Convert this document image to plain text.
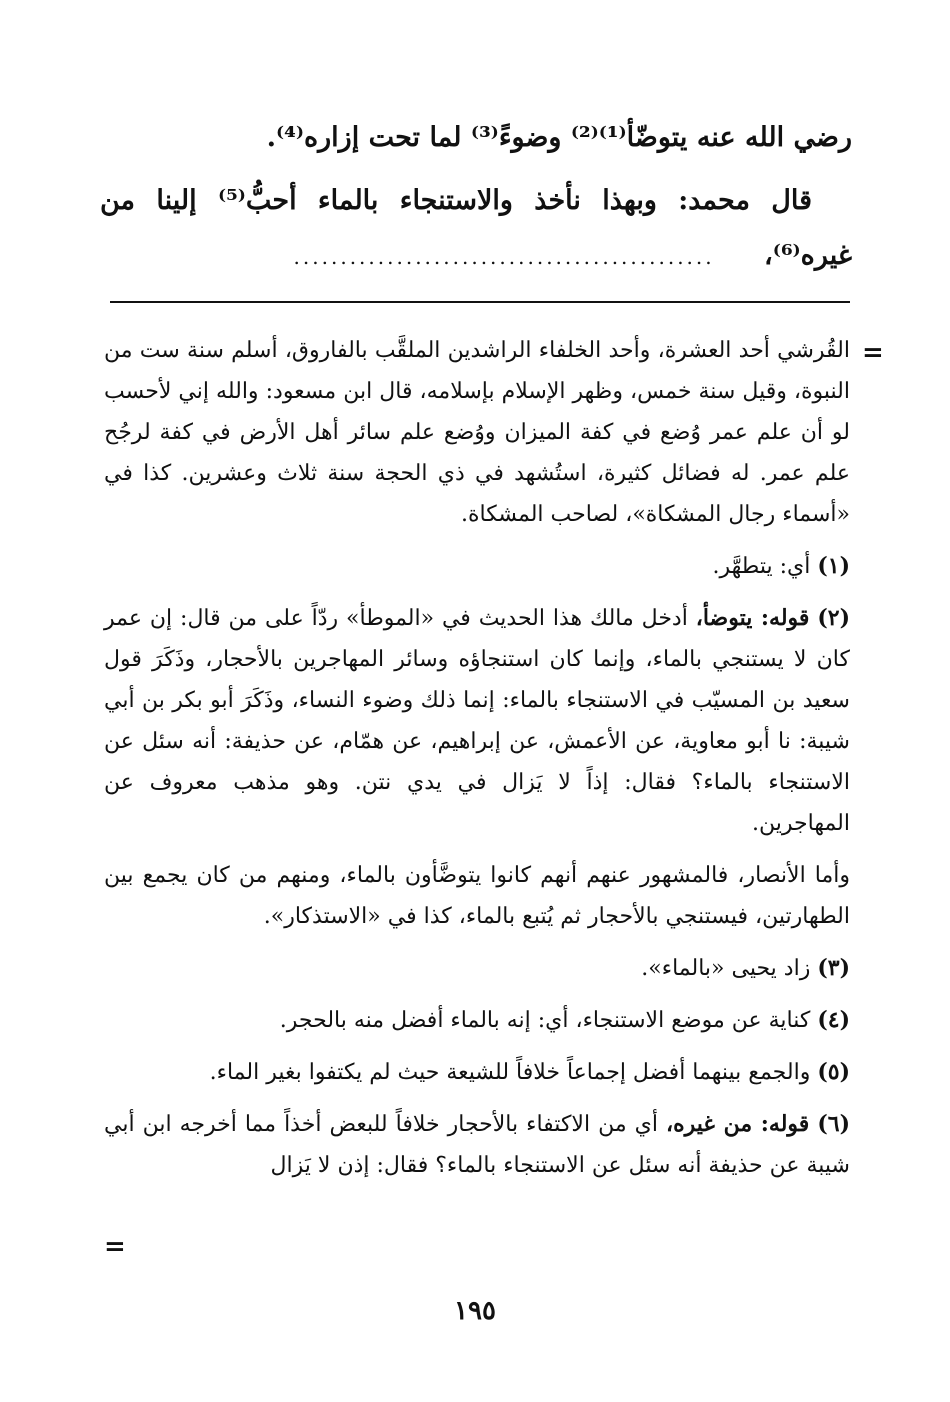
رضي الله عنه يتوضّأ⁽¹⁾⁽²⁾ وضوءً⁽³⁾ لما تحت إزاره⁽⁴⁾.

قال محمد: وبهذا نأخذ والاستنجاء بالماء أحبُّ⁽⁵⁾ إلينا من غيره⁽⁶⁾، .............................................

=

القُرشي أحد العشرة، وأحد الخلفاء الراشدين الملقَّب بالفاروق، أسلم سنة ست من النبوة، وقيل سنة خمس، وظهر الإسلام بإسلامه، قال ابن مسعود: والله إني لأحسب لو أن علم عمر وُضع في كفة الميزان ووُضع علم سائر أهل الأرض في كفة لرجُح علم عمر. له فضائل كثيرة، استُشهد في ذي الحجة سنة ثلاث وعشرين. كذا في «أسماء رجال المشكاة»، لصاحب المشكاة.

(١) أي: يتطهَّر.

(٢) قوله: يتوضأ، أدخل مالك هذا الحديث في «الموطأ» ردّاً على من قال: إن عمر كان لا يستنجي بالماء، وإنما كان استنجاؤه وسائر المهاجرين بالأحجار، وذَكَرَ قول سعيد بن المسيّب في الاستنجاء بالماء: إنما ذلك وضوء النساء، وذَكَرَ أبو بكر بن أبي شيبة: نا أبو معاوية، عن الأعمش، عن إبراهيم، عن همّام، عن حذيفة: أنه سئل عن الاستنجاء بالماء؟ فقال: إذاً لا يَزال في يدي نتن. وهو مذهب معروف عن المهاجرين.

وأما الأنصار، فالمشهور عنهم أنهم كانوا يتوضَّأون بالماء، ومنهم من كان يجمع بين الطهارتين، فيستنجي بالأحجار ثم يُتبع بالماء، كذا في «الاستذكار».

(٣) زاد يحيى «بالماء».

(٤) كناية عن موضع الاستنجاء، أي: إنه بالماء أفضل منه بالحجر.

(٥) والجمع بينهما أفضل إجماعاً خلافاً للشيعة حيث لم يكتفوا بغير الماء.

(٦) قوله: من غيره، أي من الاكتفاء بالأحجار خلافاً للبعض أخذاً مما أخرجه ابن أبي شيبة عن حذيفة أنه سئل عن الاستنجاء بالماء؟ فقال: إذن لا يَزال

=
١٩٥
